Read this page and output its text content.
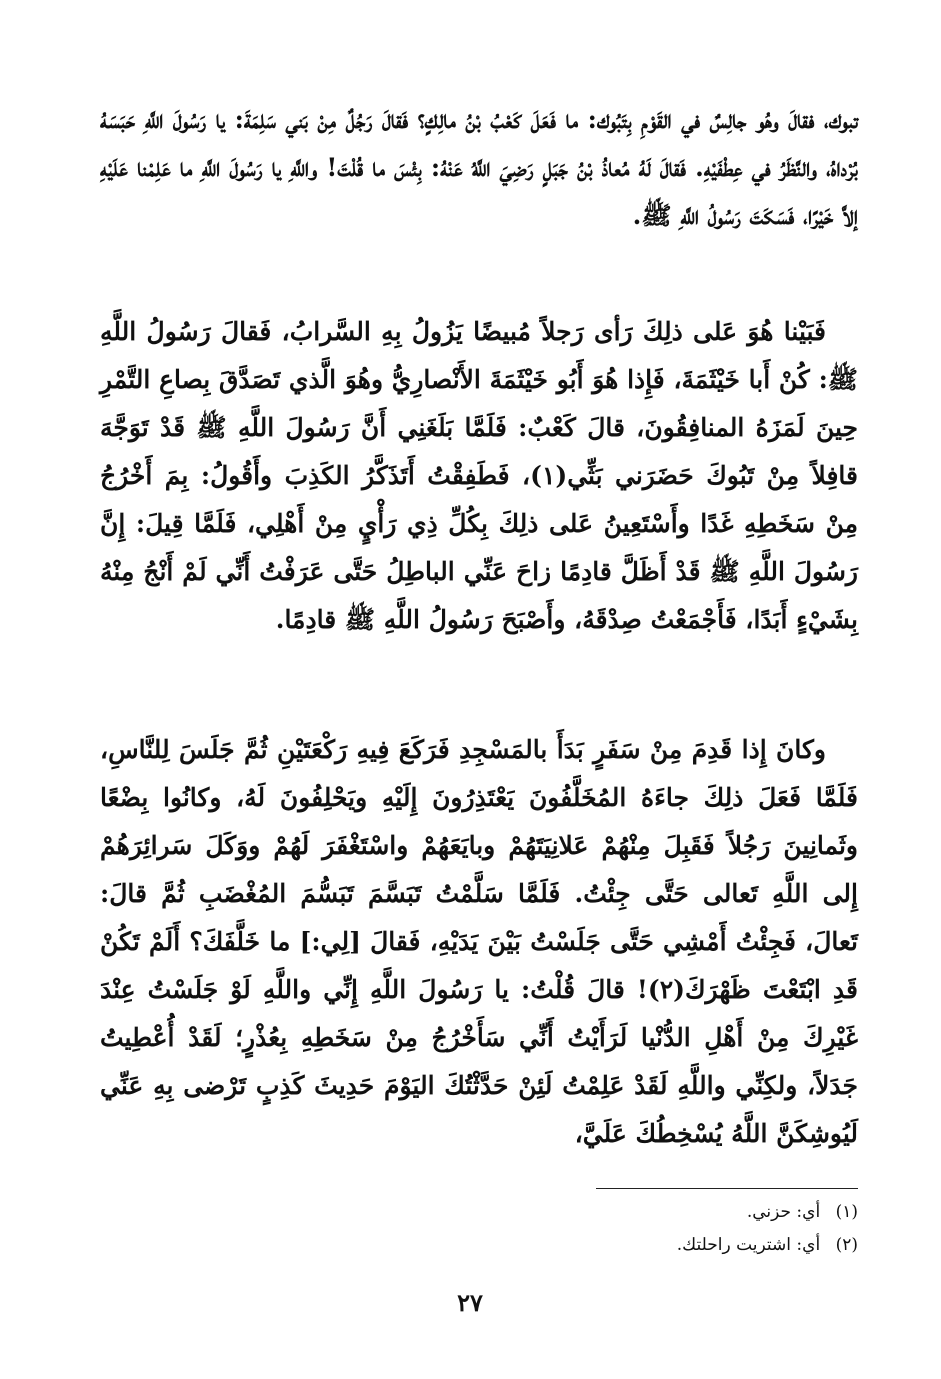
تبوك، فقالَ وهُو جالِسٌ في القَوْمِ بِتَبُوك: ما فَعَلَ كَعْبُ بْنُ مالِكٍ؟ فَقالَ رَجُلٌ مِنْ بَني سَلِمَةَ: يا رَسُولَ اللَّهِ حَبَسَهُ بُرْداهُ، والنَّظَرُ في عِطْفَيْهِ. فَقالَ لَهُ مُعاذُ بْنُ جَبَلٍ رَضِيَ اللَّهُ عَنْهُ: بِئْسَ ما قُلْتَ! واللَّهِ يا رَسُولَ اللَّهِ ما عَلِمْنا عَلَيْهِ إلاَّ خَيْرًا، فَسَكَتَ رَسُولُ اللَّهِ ﷺ.

فَبَيْنا هُوَ عَلى ذلِكَ رَأى رَجلاً مُبيضًا يَزُولُ بِهِ السَّرابُ، فَقالَ رَسُولُ اللَّهِ ﷺ: كُنْ أَبا خَيْثَمَةَ، فَإِذا هُوَ أَبُو خَيْثَمَةَ الأَنْصارِيُّ وهُوَ الَّذي تَصَدَّقَ بِصاعِ التَّمْرِ حِينَ لَمَزَهُ المنافِقُونَ، قالَ كَعْبٌ: فَلَمَّا بَلَغَنِي أَنَّ رَسُولَ اللَّهِ ﷺ قَدْ تَوَجَّهَ قافِلاً مِنْ تَبُوكَ حَضَرَني بَثِّي(١)، فَطَفِقْتُ أَتَذَكَّرُ الكَذِبَ وأَقُولُ: بِمَ أَخْرُجُ مِنْ سَخَطِهِ غَدًا وأَسْتَعِينُ عَلى ذلِكَ بِكُلِّ ذِي رَأْيٍ مِنْ أَهْلِي، فَلَمَّا قِيلَ: إِنَّ رَسُولَ اللَّهِ ﷺ قَدْ أَظَلَّ قادِمًا زاحَ عَنِّي الباطِلُ حَتَّى عَرَفْتُ أَنِّي لَمْ أَنْجُ مِنْهُ بِشَيْءٍ أَبَدًا، فَأَجْمَعْتُ صِدْقَهُ، وأَصْبَحَ رَسُولُ اللَّهِ ﷺ قادِمًا.

وكانَ إِذا قَدِمَ مِنْ سَفَرٍ بَدَأَ بالمَسْجِدِ فَرَكَعَ فِيهِ رَكْعَتَيْنِ ثُمَّ جَلَسَ لِلنَّاسِ، فَلَمَّا فَعَلَ ذلِكَ جاءَهُ المُخَلَّفُونَ يَعْتَذِرُونَ إِلَيْهِ ويَحْلِفُونَ لَهُ، وكانُوا بِضْعًا وثَمانِينَ رَجُلاً فَقَبِلَ مِنْهُمْ عَلانِيَتَهُمْ وبايَعَهُمْ واسْتَغْفَرَ لَهُمْ ووَكَلَ سَرائِرَهُمْ إِلى اللَّهِ تَعالى حَتَّى جِئْتُ. فَلَمَّا سَلَّمْتُ تَبَسَّمَ تَبَسُّمَ المُغْضَبِ ثُمَّ قالَ: تَعالَ، فَجِئْتُ أَمْشِي حَتَّى جَلَسْتُ بَيْنَ يَدَيْهِ، فَقالَ [لِي:] ما خَلَّفَكَ؟ أَلَمْ تَكُنْ قَدِ ابْتَعْتَ ظَهْرَكَ(٢)! قالَ قُلْتُ: يا رَسُولَ اللَّهِ إِنِّي واللَّهِ لَوْ جَلَسْتُ عِنْدَ غَيْرِكَ مِنْ أَهْلِ الدُّنْيا لَرَأَيْتُ أَنِّي سَأَخْرُجُ مِنْ سَخَطِهِ بِعُذْرٍ؛ لَقَدْ أُعْطِيتُ جَدَلاً، ولكِنِّي واللَّهِ لَقَدْ عَلِمْتُ لَئِنْ حَدَّثْتُكَ اليَوْمَ حَدِيثَ كَذِبٍ تَرْضى بِهِ عَنِّي لَيُوشِكَنَّ اللَّهُ يُسْخِطُكَ عَلَيَّ،

(١) أي: حزني.
(٢) أي: اشتريت راحلتك.
٢٧
